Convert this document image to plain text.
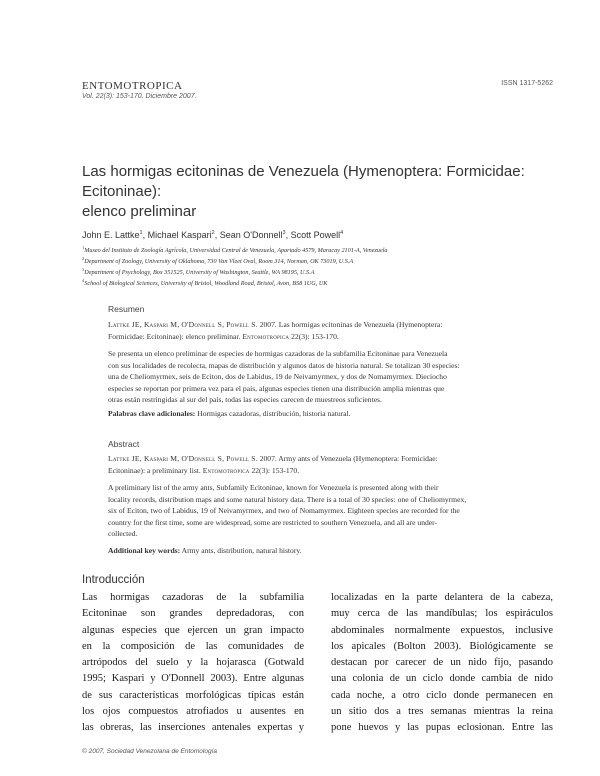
ENTOMOTROPICA
Vol. 22(3): 153-170. Diciembre 2007.
ISSN 1317-5262
Las hormigas ecitoninas de Venezuela (Hymenoptera: Formicidae: Ecitoninae):
elenco preliminar
John E. Lattke$^1$, Michael Kaspari$^2$, Sean O'Donnell$^3$, Scott Powell$^4$
$^1$Museo del Instituto de Zoología Agrícola, Universidad Central de Venezuela, Apartado 4579, Maracay 2101-A, Venezuela
$^2$Department of Zoology, University of Oklahoma, 730 Van Vleet Oval, Room 314, Norman, OK 73019, U.S.A
$^3$Department of Psychology, Box 351525, University of Washington, Seattle, WA 98195, U.S.A
$^4$School of Biological Sciences, University of Bristol, Woodland Road, Bristol, Avon, BS8 1UG, UK
Resumen
Lattke JE, Kaspari M, O'Donnell S, Powell S. 2007. Las hormigas ecitoninas de Venezuela (Hymenoptera:
Formicidae: Ecitoninae): elenco preliminar. Entomotropica 22(3): 153-170.
Se presenta un elenco preliminar de especies de hormigas cazadoras de la subfamilia Ecitoninae para Venezuela
con sus localidades de recolecta, mapas de distribución y algunos datos de historia natural. Se totalizan 30 especies:
una de Cheliomyrmex, seis de Eciton, dos de Labidus, 19 de Neivamyrmex, y dos de Nomamyrmex. Dieciocho
especies se reportan por primera vez para el país, algunas especies tienen una distribución amplia mientras que
otras están restringidas al sur del país, todas las especies carecen de muestreos suficientes.
Palabras clave adicionales: Hormigas cazadoras, distribución, historia natural.
Abstract
Lattke JE, Kaspari M, O'Donnell S, Powell S. 2007. Army ants of Venezuela (Hymenoptera: Formicidae:
Ecitoninae): a preliminary list. Entomotropica 22(3): 153-170.
A preliminary list of the army ants, Subfamily Ecitoninae, known for Venezuela is presented along with their
locality records, distribution maps and some natural history data. There is a total of 30 species: one of Cheliomyrmex,
six of Eciton, two of Labidus, 19 of Neivamyrmex, and two of Nomamyrmex. Eighteen species are recorded for the
country for the first time, some are widespread, some are restricted to southern Venezuela, and all are under-
collected.
Additional key words: Army ants, distribution, natural history.
Introducción
Las hormigas cazadoras de la subfamilia
Ecitoninae son grandes depredadoras, con
algunas especies que ejercen un gran impacto
en la composición de las comunidades de
artrópodos del suelo y la hojarasca (Gotwald
1995; Kaspari y O'Donnell 2003). Entre algunas
de sus características morfológicas típicas están
los ojos compuestos atrofiados u ausentes en
las obreras, las inserciones antenales expertas y
localizadas en la parte delantera de la cabeza,
muy cerca de las mandíbulas; los espiráculos
abdominales normalmente expuestos, inclusive
los apicales (Bolton 2003). Biológicamente se
destacan por carecer de un nido fijo, pasando
una colonia de un ciclo donde cambia de nido
cada noche, a otro ciclo donde permanecen en
un sitio dos a tres semanas mientras la reina
pone huevos y las pupas eclosionan. Entre las
© 2007, Sociedad Venezolana de Entomología
